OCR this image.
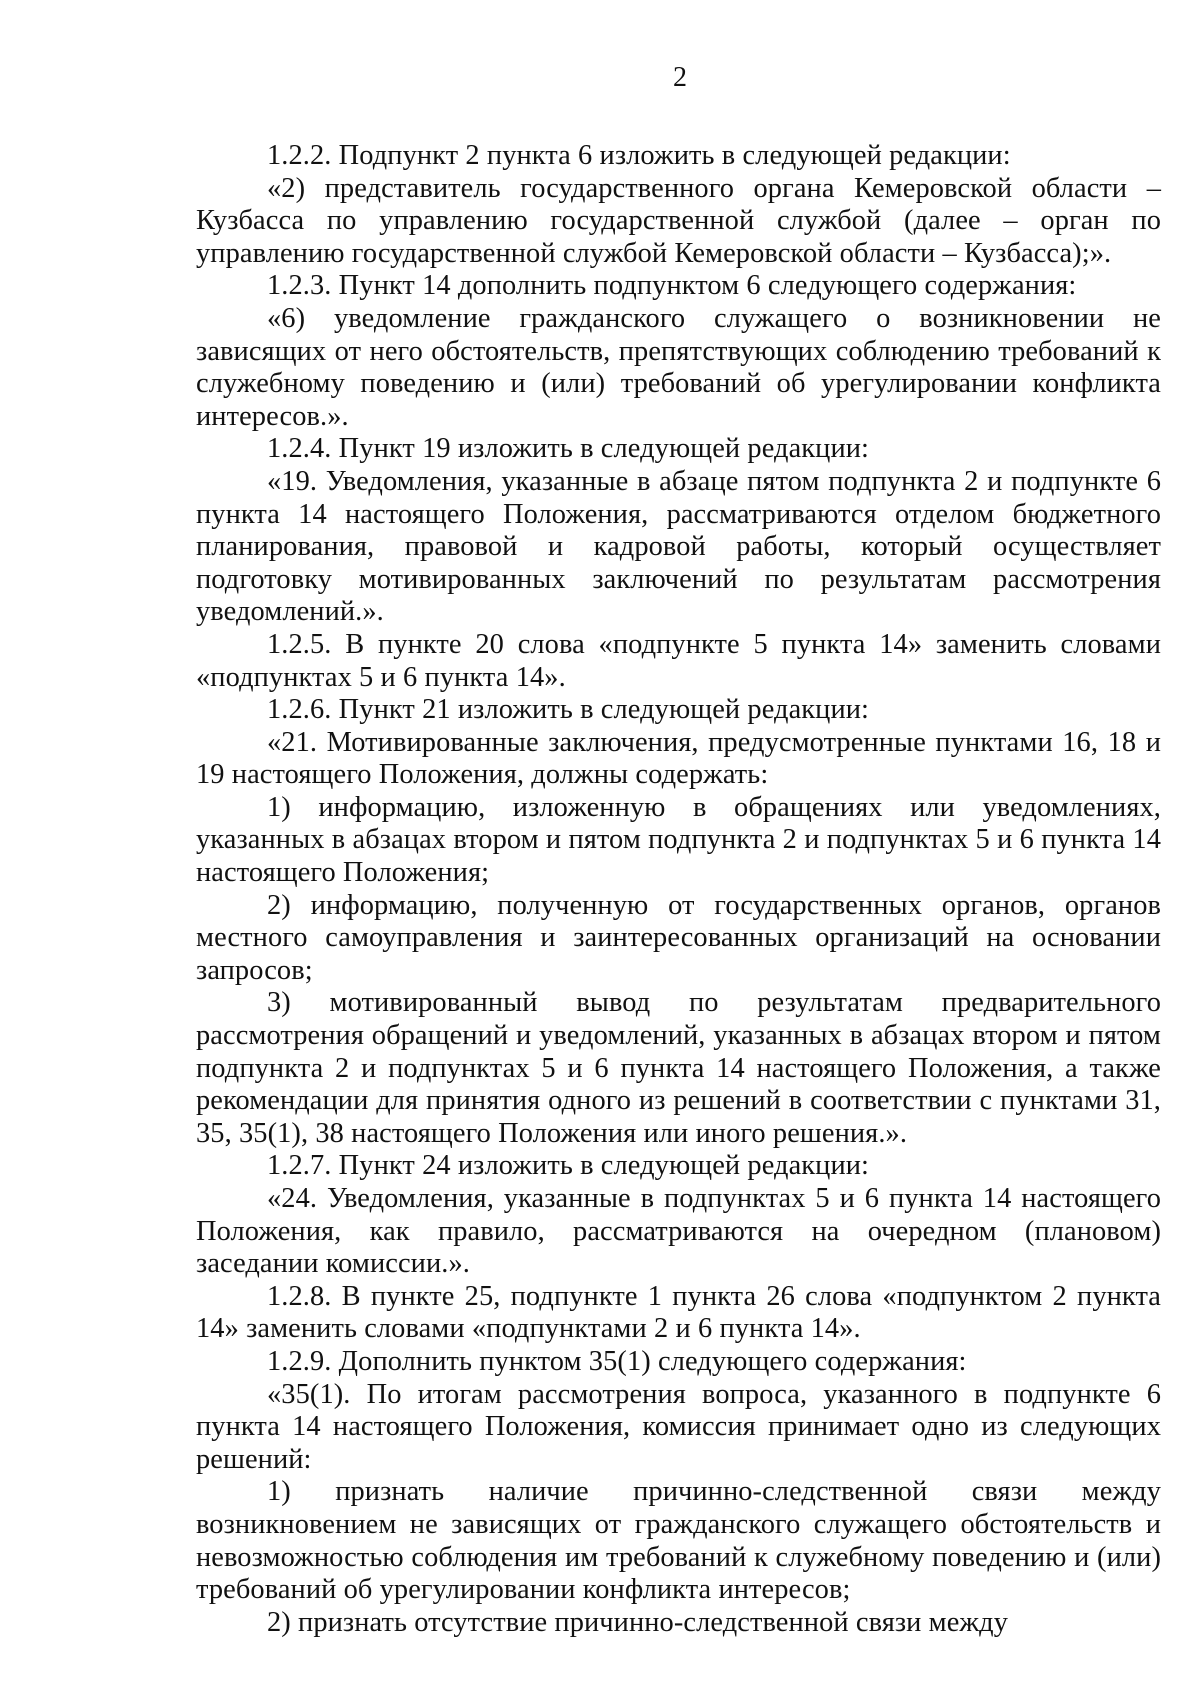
2

1.2.2. Подпункт 2 пункта 6 изложить в следующей редакции:

«2) представитель государственного органа Кемеровской области – Кузбасса по управлению государственной службой (далее – орган по управлению государственной службой Кемеровской области – Кузбасса);».

1.2.3. Пункт 14 дополнить подпунктом 6 следующего содержания:

«6) уведомление гражданского служащего о возникновении не зависящих от него обстоятельств, препятствующих соблюдению требований к служебному поведению и (или) требований об урегулировании конфликта интересов.».

1.2.4. Пункт 19 изложить в следующей редакции:

«19. Уведомления, указанные в абзаце пятом подпункта 2 и подпункте 6 пункта 14 настоящего Положения, рассматриваются отделом бюджетного планирования, правовой и кадровой работы, который осуществляет подготовку мотивированных заключений по результатам рассмотрения уведомлений.».

1.2.5. В пункте 20 слова «подпункте 5 пункта 14» заменить словами «подпунктах 5 и 6 пункта 14».

1.2.6. Пункт 21 изложить в следующей редакции:

«21. Мотивированные заключения, предусмотренные пунктами 16, 18 и 19 настоящего Положения, должны содержать:

1) информацию, изложенную в обращениях или уведомлениях, указанных в абзацах втором и пятом подпункта 2 и подпунктах 5 и 6 пункта 14 настоящего Положения;

2) информацию, полученную от государственных органов, органов местного самоуправления и заинтересованных организаций на основании запросов;

3) мотивированный вывод по результатам предварительного рассмотрения обращений и уведомлений, указанных в абзацах втором и пятом подпункта 2 и подпунктах 5 и 6 пункта 14 настоящего Положения, а также рекомендации для принятия одного из решений в соответствии с пунктами 31, 35, 35(1), 38 настоящего Положения или иного решения.».

1.2.7. Пункт 24 изложить в следующей редакции:

«24. Уведомления, указанные в подпунктах 5 и 6 пункта 14 настоящего Положения, как правило, рассматриваются на очередном (плановом) заседании комиссии.».

1.2.8. В пункте 25, подпункте 1 пункта 26 слова «подпунктом 2 пункта 14» заменить словами «подпунктами 2 и 6 пункта 14».

1.2.9. Дополнить пунктом 35(1) следующего содержания:

«35(1). По итогам рассмотрения вопроса, указанного в подпункте 6 пункта 14 настоящего Положения, комиссия принимает одно из следующих решений:

1) признать наличие причинно-следственной связи между возникновением не зависящих от гражданского служащего обстоятельств и невозможностью соблюдения им требований к служебному поведению и (или) требований об урегулировании конфликта интересов;

2) признать отсутствие причинно-следственной связи между
